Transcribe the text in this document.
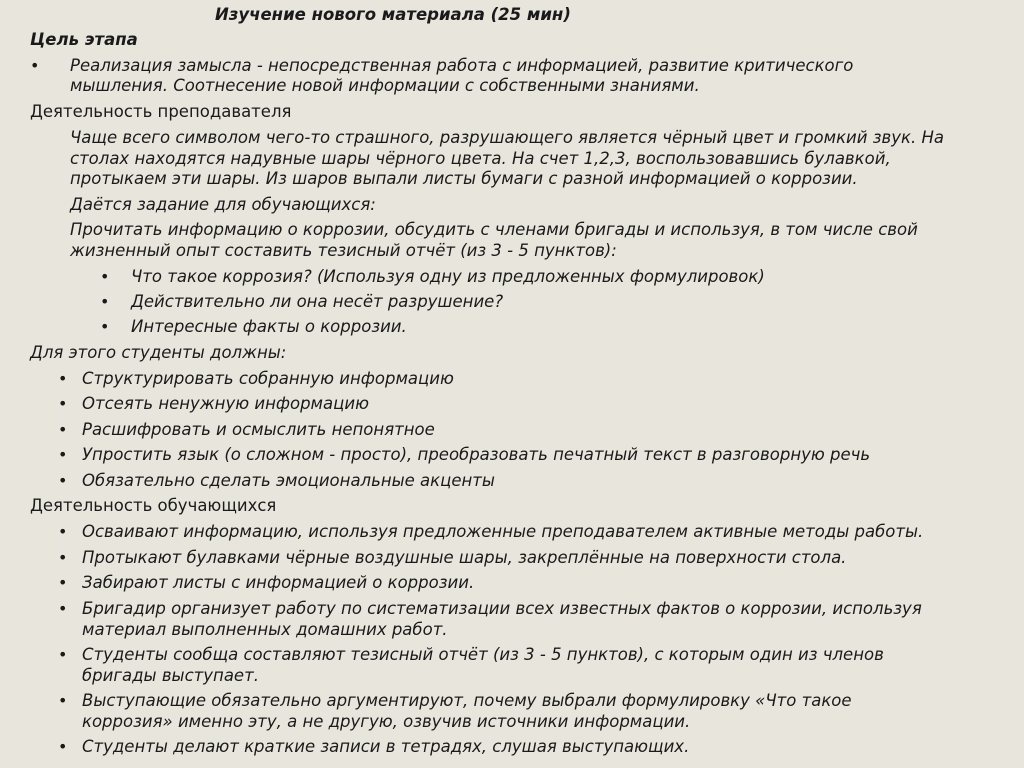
Изучение нового материала (25 мин)
Цель этапа
• Реализация замысла - непосредственная работа с информацией, развитие критического
мышления. Соотнесение новой информации с собственными знаниями.
Деятельность преподавателя
Чаще всего символом чего-то страшного, разрушающего является чёрный цвет и громкий звук. На
столах находятся надувные шары чёрного цвета. На счет 1,2,3, воспользовавшись булавкой,
протыкаем эти шары. Из шаров выпали листы бумаги с разной информацией о коррозии.
Даётся задание для обучающихся:
Прочитать информацию о коррозии, обсудить с членами бригады и используя, в том числе свой
жизненный опыт составить тезисный отчёт (из 3 - 5 пунктов):
• Что такое коррозия? (Используя одну из предложенных формулировок)
• Действительно ли она несёт разрушение?
• Интересные факты о коррозии.
Для этого студенты должны:
• Структурировать собранную информацию
• Отсеять ненужную информацию
• Расшифровать и осмыслить непонятное
• Упростить язык (о сложном - просто), преобразовать печатный текст в разговорную речь
• Обязательно сделать эмоциональные акценты
Деятельность обучающихся
• Осваивают информацию, используя предложенные преподавателем активные методы работы.
• Протыкают булавками чёрные воздушные шары, закреплённые на поверхности стола.
• Забирают листы с информацией о коррозии.
• Бригадир организует работу по систематизации всех известных фактов о коррозии, используя
материал выполненных домашних работ.
• Студенты сообща составляют тезисный отчёт (из 3 - 5 пунктов), с которым один из членов
бригады выступает.
• Выступающие обязательно аргументируют, почему выбрали формулировку «Что такое
коррозия» именно эту, а не другую, озвучив источники информации.
• Студенты делают краткие записи в тетрадях, слушая выступающих.
